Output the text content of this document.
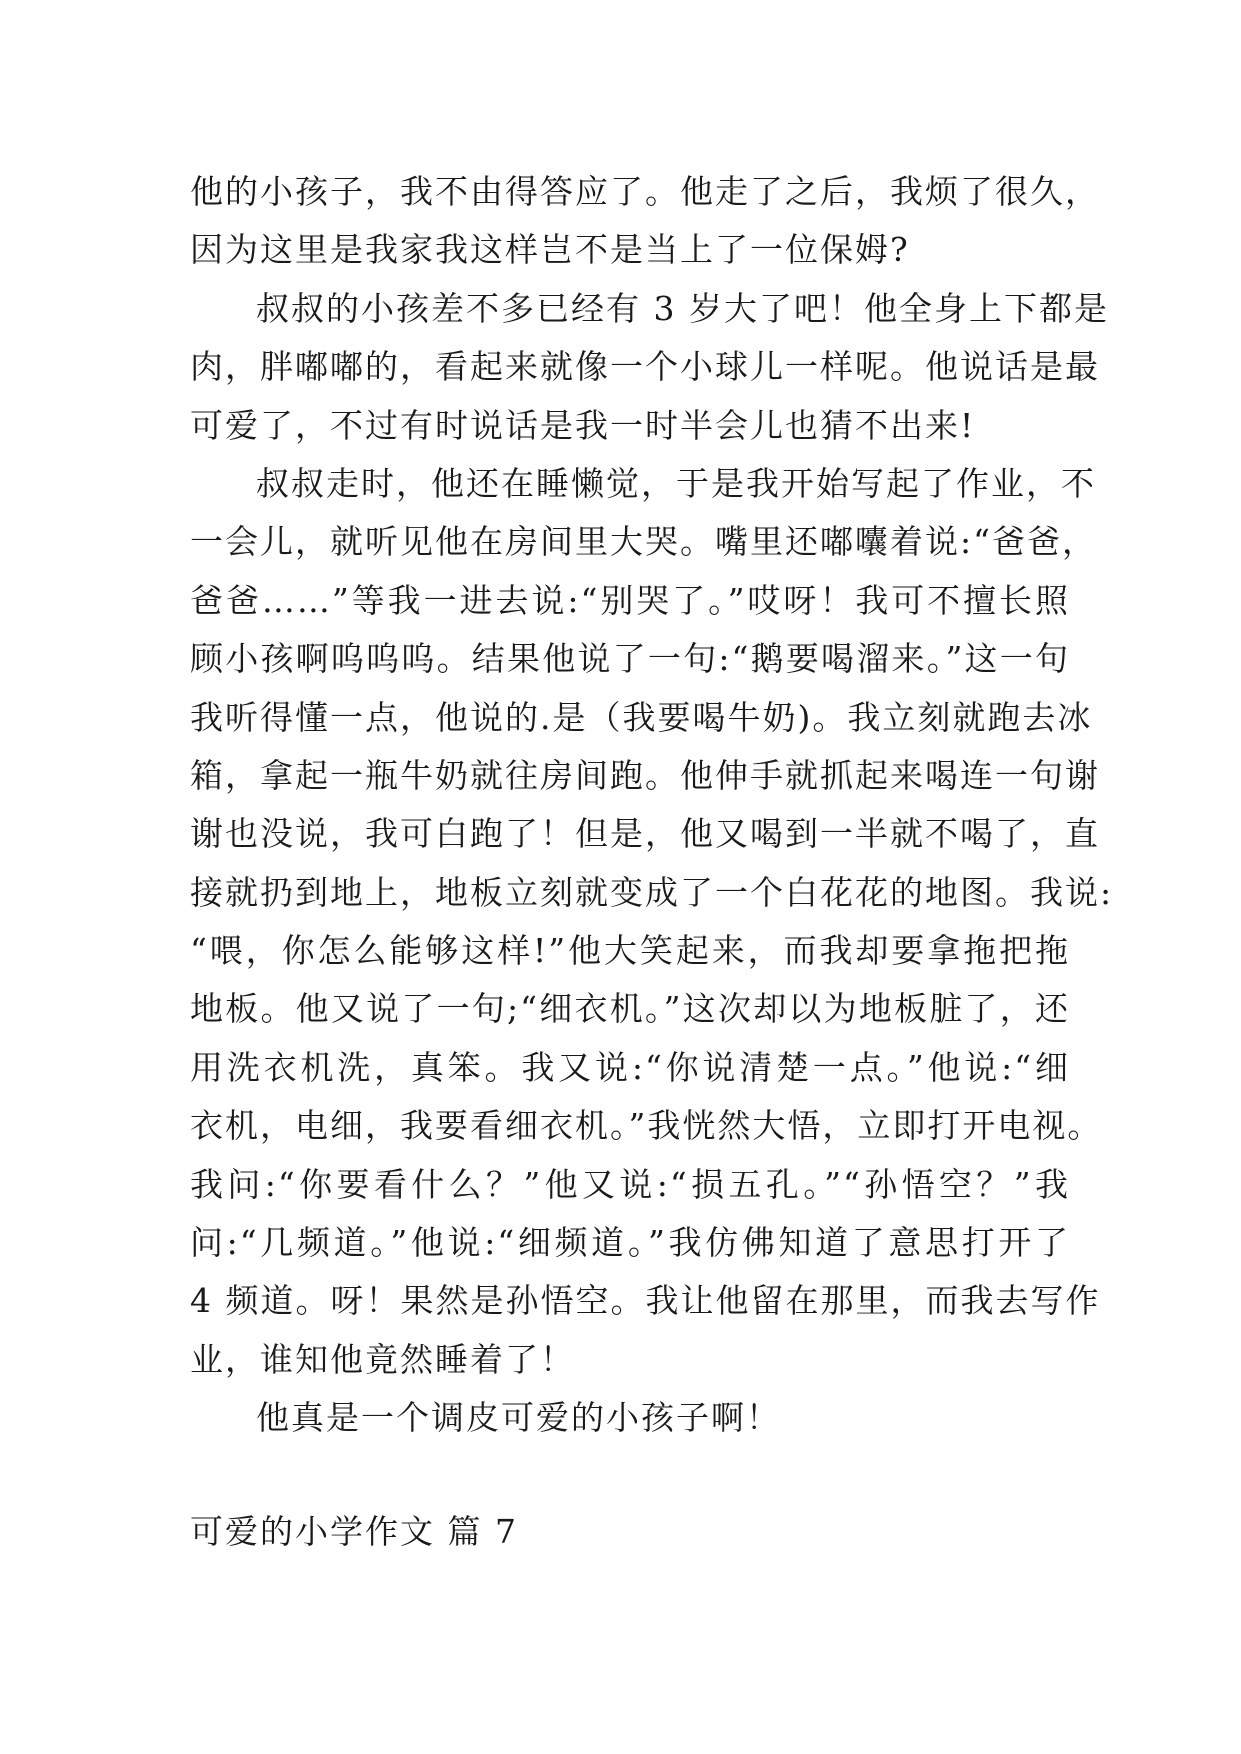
他的小孩子，我不由得答应了。他走了之后，我烦了很久，
因为这里是我家我这样岂不是当上了一位保姆?
叔叔的小孩差不多已经有 3 岁大了吧！他全身上下都是
肉，胖嘟嘟的，看起来就像一个小球儿一样呢。他说话是最
可爱了，不过有时说话是我一时半会儿也猜不出来!
叔叔走时，他还在睡懒觉，于是我开始写起了作业，不
一会儿，就听见他在房间里大哭。嘴里还嘟囔着说:“爸爸，
爸爸……”等我一进去说:“别哭了。”哎呀！我可不擅长照
顾小孩啊呜呜呜。结果他说了一句:“鹅要喝溜来。”这一句
我听得懂一点，他说的.是（我要喝牛奶)。我立刻就跑去冰
箱，拿起一瓶牛奶就往房间跑。他伸手就抓起来喝连一句谢
谢也没说，我可白跑了！但是，他又喝到一半就不喝了，直
接就扔到地上，地板立刻就变成了一个白花花的地图。我说:
“喂，你怎么能够这样!”他大笑起来，而我却要拿拖把拖
地板。他又说了一句;“细衣机。”这次却以为地板脏了，还
用洗衣机洗，真笨。我又说:“你说清楚一点。”他说:“细
衣机，电细，我要看细衣机。”我恍然大悟，立即打开电视。
我问:“你要看什么？”他又说:“损五孔。”“孙悟空？”我
问:“几频道。”他说:“细频道。”我仿佛知道了意思打开了
4 频道。呀！果然是孙悟空。我让他留在那里，而我去写作
业，谁知他竟然睡着了！
他真是一个调皮可爱的小孩子啊！
可爱的小学作文 篇 7
